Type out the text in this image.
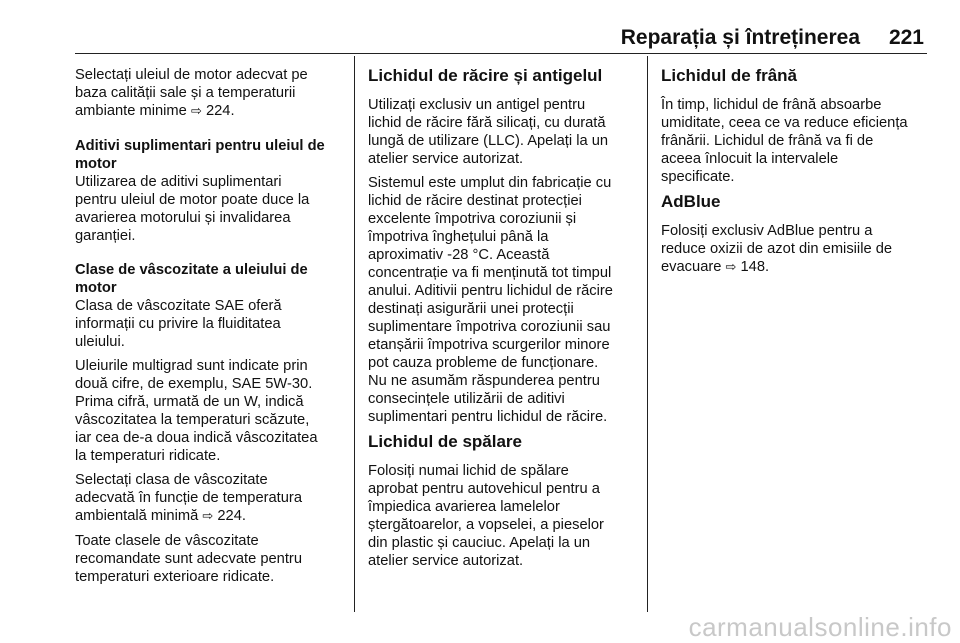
Reparația și întreținerea	221

Selectați uleiul de motor adecvat pe
baza calității sale și a temperaturii
ambiante minime ⇨ 224.

Aditivi suplimentari pentru uleiul de
motor

Utilizarea de aditivi suplimentari
pentru uleiul de motor poate duce la
avarierea motorului și invalidarea
garanției.

Clase de vâscozitate a uleiului de
motor

Clasa de vâscozitate SAE oferă
informații cu privire la fluiditatea
uleiului.

Uleiurile multigrad sunt indicate prin
două cifre, de exemplu, SAE 5W-30.
Prima cifră, urmată de un W, indică
vâscozitatea la temperaturi scăzute,
iar cea de-a doua indică vâscozitatea
la temperaturi ridicate.

Selectați clasa de vâscozitate
adecvată în funcție de temperatura
ambientală minimă ⇨ 224.

Toate clasele de vâscozitate
recomandate sunt adecvate pentru
temperaturi exterioare ridicate.

Lichidul de răcire și antigelul

Utilizați exclusiv un antigel pentru
lichid de răcire fără silicați, cu durată
lungă de utilizare (LLC). Apelați la un
atelier service autorizat.

Sistemul este umplut din fabricație cu
lichid de răcire destinat protecției
excelente împotriva coroziunii și
împotriva înghețului până la
aproximativ -28 °C. Această
concentrație va fi menținută tot timpul
anului. Aditivii pentru lichidul de răcire
destinați asigurării unei protecții
suplimentare împotriva coroziunii sau
etanșării împotriva scurgerilor minore
pot cauza probleme de funcționare.
Nu ne asumăm răspunderea pentru
consecințele utilizării de aditivi
suplimentari pentru lichidul de răcire.

Lichidul de spălare

Folosiți numai lichid de spălare
aprobat pentru autovehicul pentru a
împiedica avarierea lamelelor
ștergătoarelor, a vopselei, a pieselor
din plastic și cauciuc. Apelați la un
atelier service autorizat.

Lichidul de frână

În timp, lichidul de frână absoarbe
umiditate, ceea ce va reduce eficiența
frânării. Lichidul de frână va fi de
aceea înlocuit la intervalele
specificate.

AdBlue

Folosiți exclusiv AdBlue pentru a
reduce oxizii de azot din emisiile de
evacuare ⇨ 148.

carmanualsonline.info
